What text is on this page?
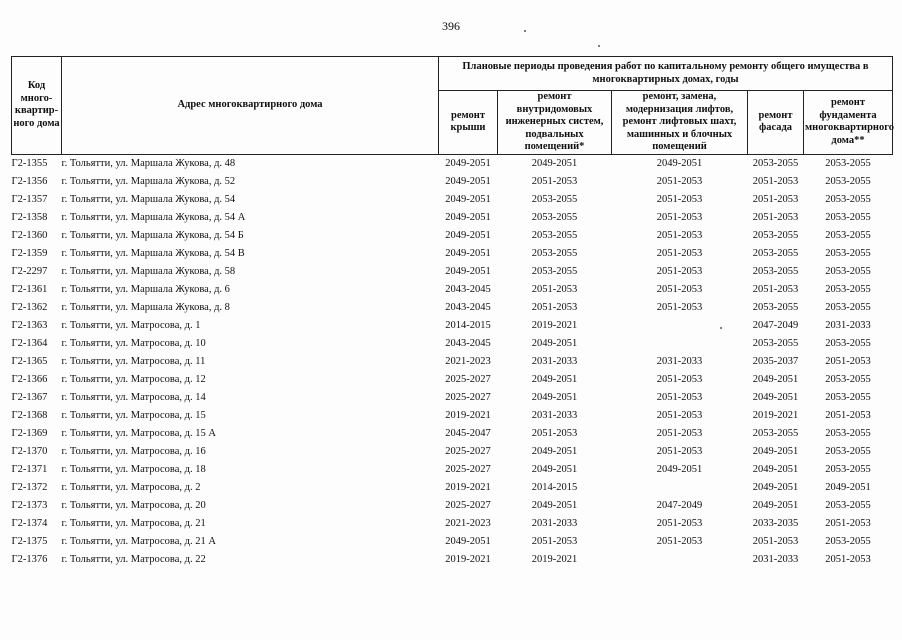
396
Код много-квартир-ного дома	Адрес многоквартирного дома	Плановые периоды проведения работ по капитальному ремонту общего имущества в многоквартирных домах, годы				
		ремонт крыши	ремонт внутридомовых инженерных систем, подвальных помещений*	ремонт, замена, модернизация лифтов, ремонт лифтовых шахт, машинных и блочных помещений	ремонт фасада	ремонт фундамента многоквартирного дома**
Г2-1355	г. Тольятти, ул. Маршала Жукова, д. 48	2049-2051	2049-2051	2049-2051	2053-2055	2053-2055
Г2-1356	г. Тольятти, ул. Маршала Жукова, д. 52	2049-2051	2051-2053	2051-2053	2051-2053	2053-2055
Г2-1357	г. Тольятти, ул. Маршала Жукова, д. 54	2049-2051	2053-2055	2051-2053	2051-2053	2053-2055
Г2-1358	г. Тольятти, ул. Маршала Жукова, д. 54 А	2049-2051	2053-2055	2051-2053	2051-2053	2053-2055
Г2-1360	г. Тольятти, ул. Маршала Жукова, д. 54 Б	2049-2051	2053-2055	2051-2053	2053-2055	2053-2055
Г2-1359	г. Тольятти, ул. Маршала Жукова, д. 54 В	2049-2051	2053-2055	2051-2053	2053-2055	2053-2055
Г2-2297	г. Тольятти, ул. Маршала Жукова, д. 58	2049-2051	2053-2055	2051-2053	2053-2055	2053-2055
Г2-1361	г. Тольятти, ул. Маршала Жукова, д. 6	2043-2045	2051-2053	2051-2053	2051-2053	2053-2055
Г2-1362	г. Тольятти, ул. Маршала Жукова, д. 8	2043-2045	2051-2053	2051-2053	2053-2055	2053-2055
Г2-1363	г. Тольятти, ул. Матросова, д. 1	2014-2015	2019-2021		2047-2049	2031-2033
Г2-1364	г. Тольятти, ул. Матросова, д. 10	2043-2045	2049-2051		2053-2055	2053-2055
Г2-1365	г. Тольятти, ул. Матросова, д. 11	2021-2023	2031-2033	2031-2033	2035-2037	2051-2053
Г2-1366	г. Тольятти, ул. Матросова, д. 12	2025-2027	2049-2051	2051-2053	2049-2051	2053-2055
Г2-1367	г. Тольятти, ул. Матросова, д. 14	2025-2027	2049-2051	2051-2053	2049-2051	2053-2055
Г2-1368	г. Тольятти, ул. Матросова, д. 15	2019-2021	2031-2033	2051-2053	2019-2021	2051-2053
Г2-1369	г. Тольятти, ул. Матросова, д. 15 А	2045-2047	2051-2053	2051-2053	2053-2055	2053-2055
Г2-1370	г. Тольятти, ул. Матросова, д. 16	2025-2027	2049-2051	2051-2053	2049-2051	2053-2055
Г2-1371	г. Тольятти, ул. Матросова, д. 18	2025-2027	2049-2051	2049-2051	2049-2051	2053-2055
Г2-1372	г. Тольятти, ул. Матросова, д. 2	2019-2021	2014-2015		2049-2051	2049-2051
Г2-1373	г. Тольятти, ул. Матросова, д. 20	2025-2027	2049-2051	2047-2049	2049-2051	2053-2055
Г2-1374	г. Тольятти, ул. Матросова, д. 21	2021-2023	2031-2033	2051-2053	2033-2035	2051-2053
Г2-1375	г. Тольятти, ул. Матросова, д. 21 А	2049-2051	2051-2053	2051-2053	2051-2053	2053-2055
Г2-1376	г. Тольятти, ул. Матросова, д. 22	2019-2021	2019-2021		2031-2033	2051-2053
